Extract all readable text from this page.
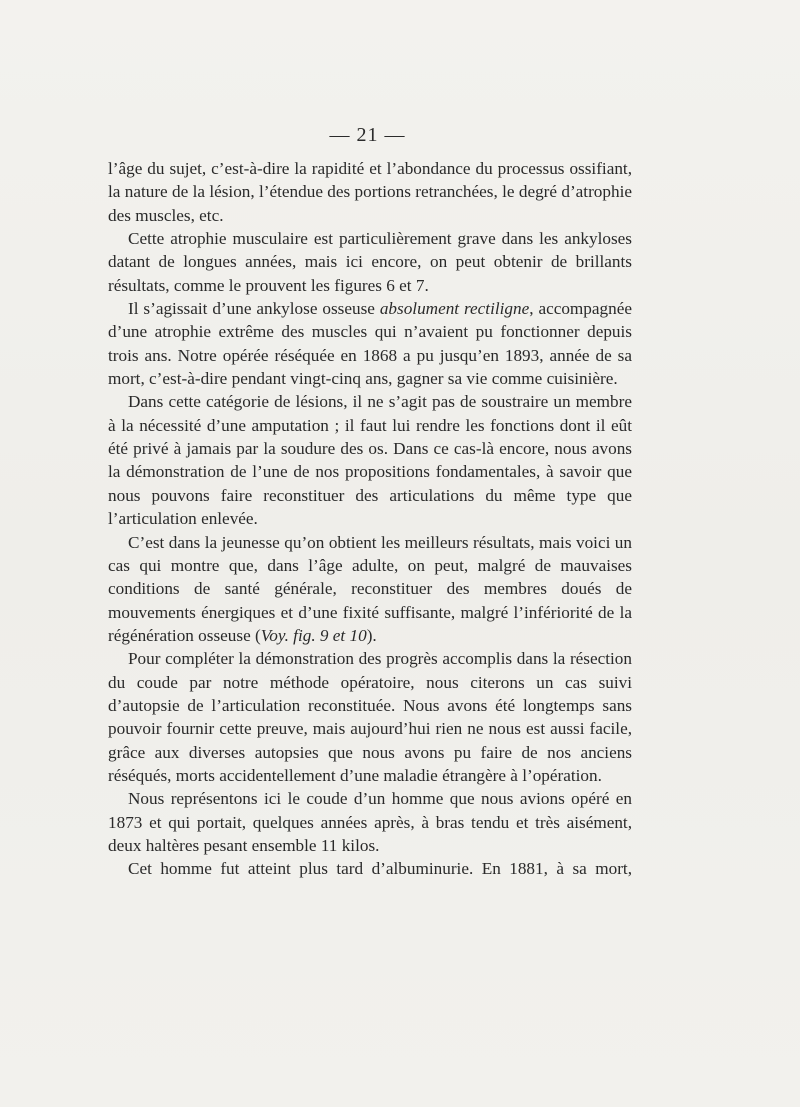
— 21 —

l’âge du sujet, c’est-à-dire la rapidité et l’abondance du processus ossifiant, la nature de la lésion, l’étendue des portions retranchées, le degré d’atrophie des muscles, etc.

Cette atrophie musculaire est particulièrement grave dans les ankyloses datant de longues années, mais ici encore, on peut obtenir de brillants résultats, comme le prouvent les figures 6 et 7.

Il s’agissait d’une ankylose osseuse absolument rectiligne, accompagnée d’une atrophie extrême des muscles qui n’avaient pu fonctionner depuis trois ans. Notre opérée réséquée en 1868 a pu jusqu’en 1893, année de sa mort, c’est-à-dire pendant vingt-cinq ans, gagner sa vie comme cuisinière.

Dans cette catégorie de lésions, il ne s’agit pas de soustraire un membre à la nécessité d’une amputation ; il faut lui rendre les fonctions dont il eût été privé à jamais par la soudure des os. Dans ce cas-là encore, nous avons la démonstration de l’une de nos propositions fondamentales, à savoir que nous pouvons faire reconstituer des articulations du même type que l’articulation enlevée.

C’est dans la jeunesse qu’on obtient les meilleurs résultats, mais voici un cas qui montre que, dans l’âge adulte, on peut, malgré de mauvaises conditions de santé générale, reconstituer des membres doués de mouvements énergiques et d’une fixité suffisante, malgré l’infériorité de la régénération osseuse (Voy. fig. 9 et 10).

Pour compléter la démonstration des progrès accomplis dans la résection du coude par notre méthode opératoire, nous citerons un cas suivi d’autopsie de l’articulation reconstituée. Nous avons été longtemps sans pouvoir fournir cette preuve, mais aujourd’hui rien ne nous est aussi facile, grâce aux diverses autopsies que nous avons pu faire de nos anciens réséqués, morts accidentellement d’une maladie étrangère à l’opération.

Nous représentons ici le coude d’un homme que nous avions opéré en 1873 et qui portait, quelques années après, à bras tendu et très aisément, deux haltères pesant ensemble 11 kilos.

Cet homme fut atteint plus tard d’albuminurie. En 1881, à sa mort,
